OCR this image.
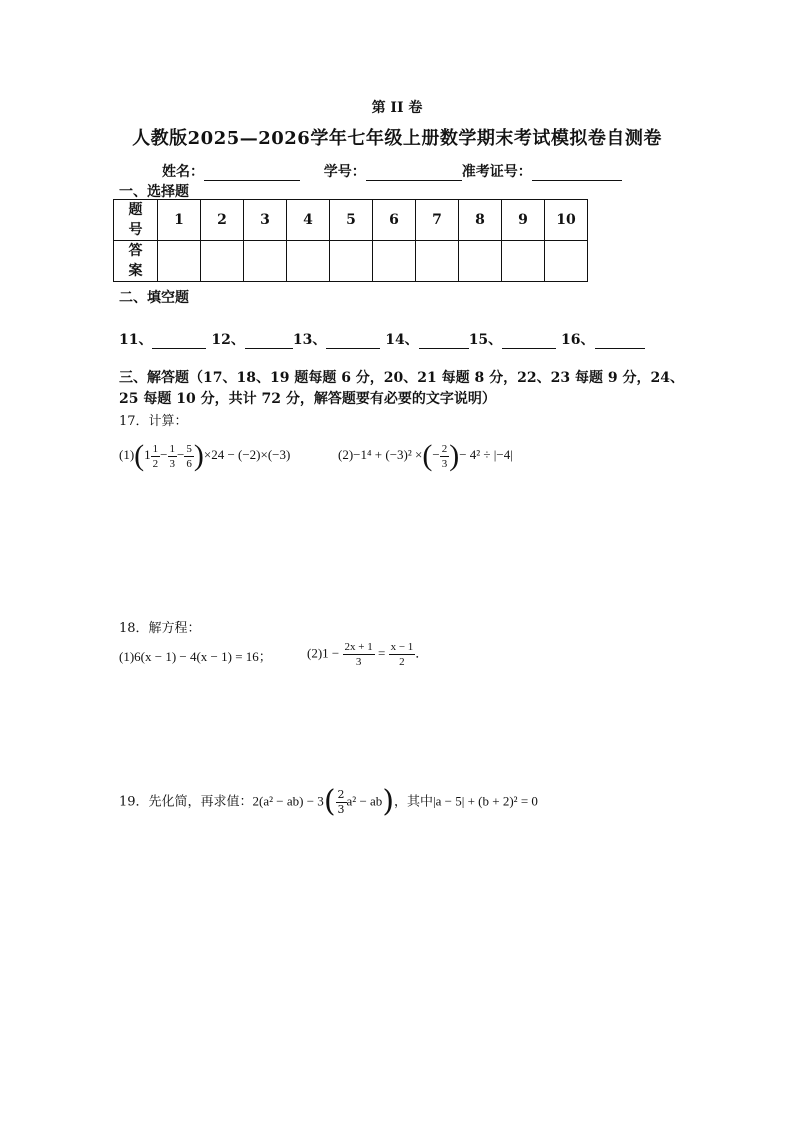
第 II 卷
人教版2025—2026学年七年级上册数学期末考试模拟卷自测卷
姓名：	学号：	准考证号：
一、选择题
题
号	1	2	3	4	5	6	7	8	9	10
答
案										
二、填空题
11、	12、	13、	14、	15、	16、
三、解答题（17、18、19 题每题 6 分，20、21 每题 8 分，22、23 每题 9 分，24、
25 每题 10 分，共计 72 分，解答题要有必要的文字说明）
17．计算：
$(1)(1 \frac{1}{2} - \frac{1}{3} - \frac{5}{6} )\times 24 - (-2)\times(-3)$	(2)−1⁴ + (−3)² ×(− $\frac{2}{3}$ )− 4² ÷ |−4|
18．解方程：
(1)6(x − 1) − 4(x − 1) = 16；	$(2)1 - \frac{2x + 1}{3} = \frac{x - 1}{2}$ ．
19．先化简，再求值：$2(a^2 - ab) - 3( \frac{2}{3} a^2 - ab)$，其中|a − 5| + (b + 2)² = 0
